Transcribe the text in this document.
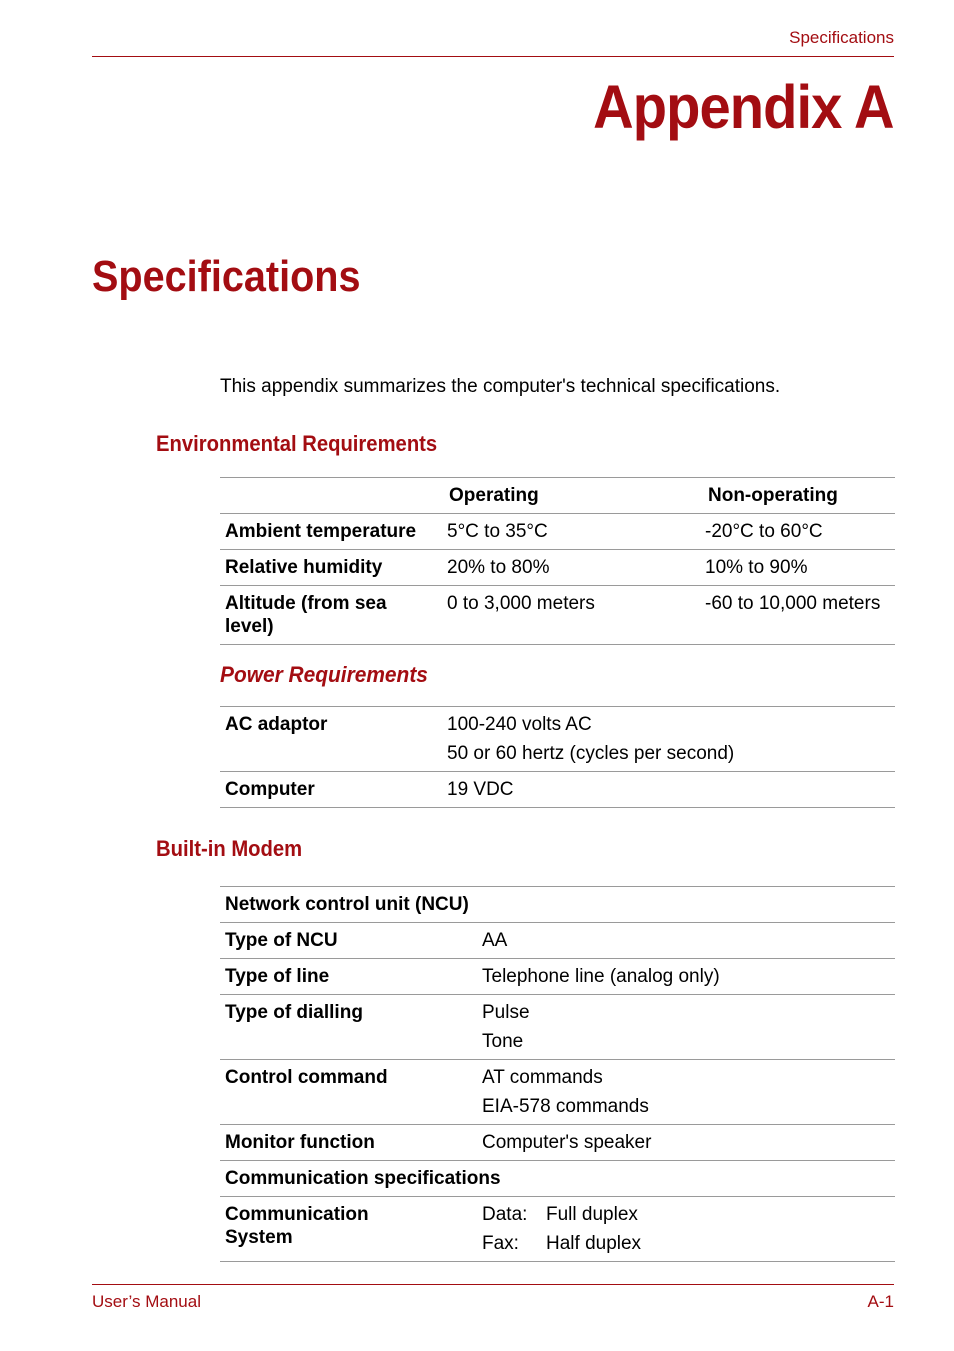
Specifications
Appendix A
Specifications
This appendix summarizes the computer's technical specifications.
Environmental Requirements
	Operating	Non-operating
Ambient temperature	5°C to 35°C	-20°C to 60°C
Relative humidity	20% to 80%	10% to 90%
Altitude (from sea level)	0 to 3,000 meters	-60 to 10,000 meters
Power Requirements
AC adaptor	100-240 volts AC
50 or 60 hertz (cycles per second)

Computer	19 VDC
Built-in Modem
Network control unit (NCU)	
Type of NCU	AA
Type of line	Telephone line (analog only)
Type of dialling	Pulse
Tone

Control command	AT commands
EIA-578 commands

Monitor function	Computer's speaker
Communication specifications	
Communication System	Data: Full duplex
Fax: Half duplex
User’s Manual	A-1
